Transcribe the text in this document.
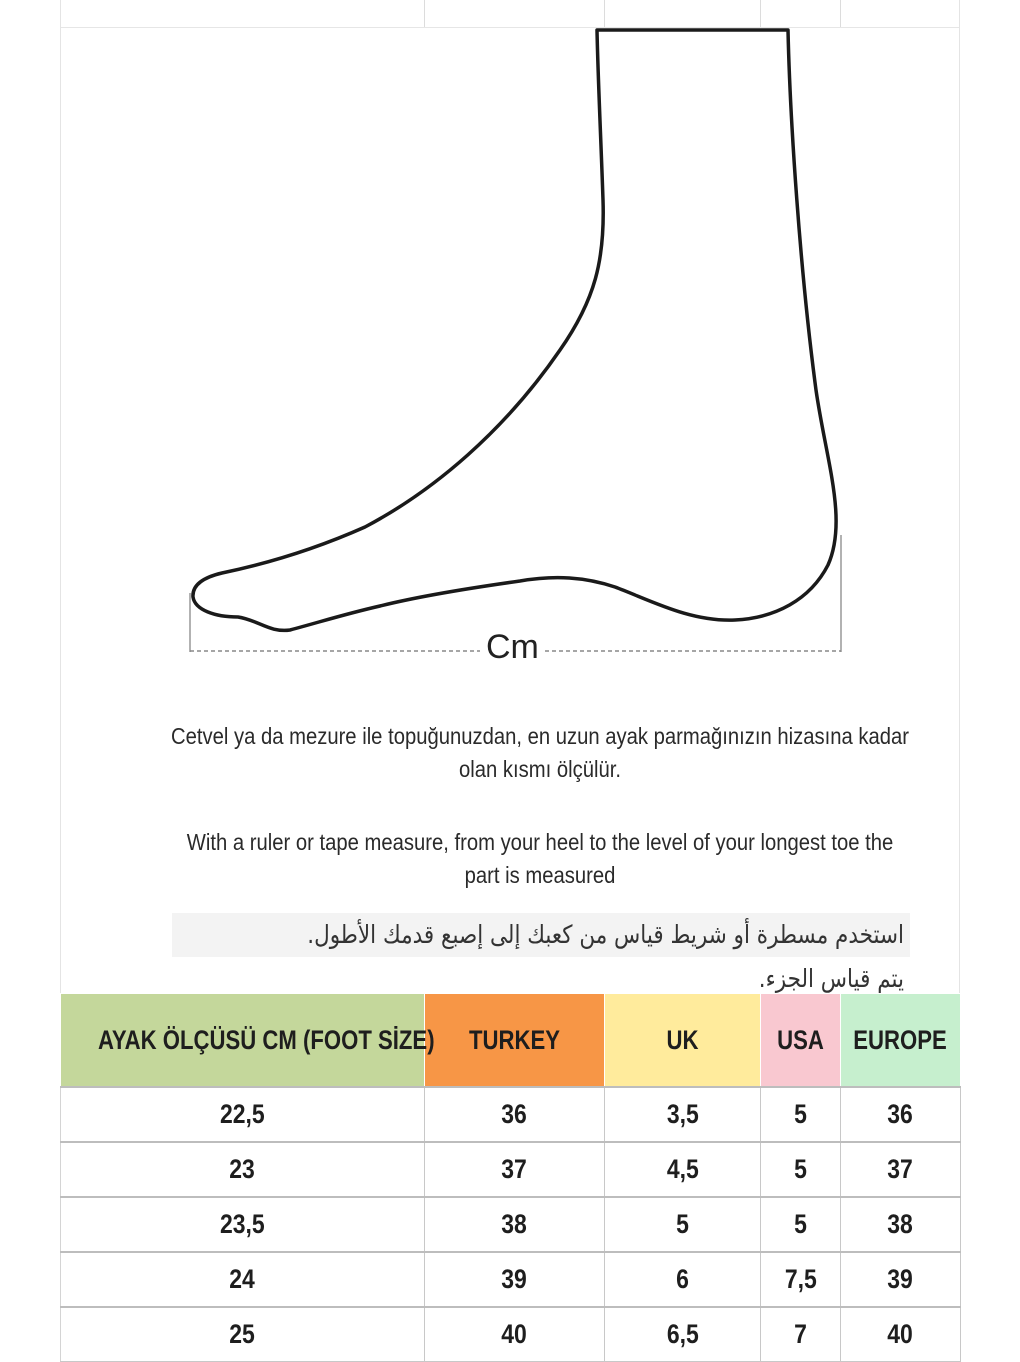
Cm
Cetvel ya da mezure ile topuğunuzdan, en uzun ayak parmağınızın hizasına kadar olan kısmı ölçülür.
With a ruler or tape measure, from your heel to the level of your longest toe the part is measured
استخدم مسطرة أو شريط قياس من كعبك إلى إصبع قدمك الأطول. يتم قياس الجزء.
AYAK ÖLÇÜSÜ CM (FOOT SİZE)	TURKEY	UK	USA	EUROPE
22,5	36	3,5	5	36
23	37	4,5	5	37
23,5	38	5	5	38
24	39	6	7,5	39
25	40	6,5	7	40
